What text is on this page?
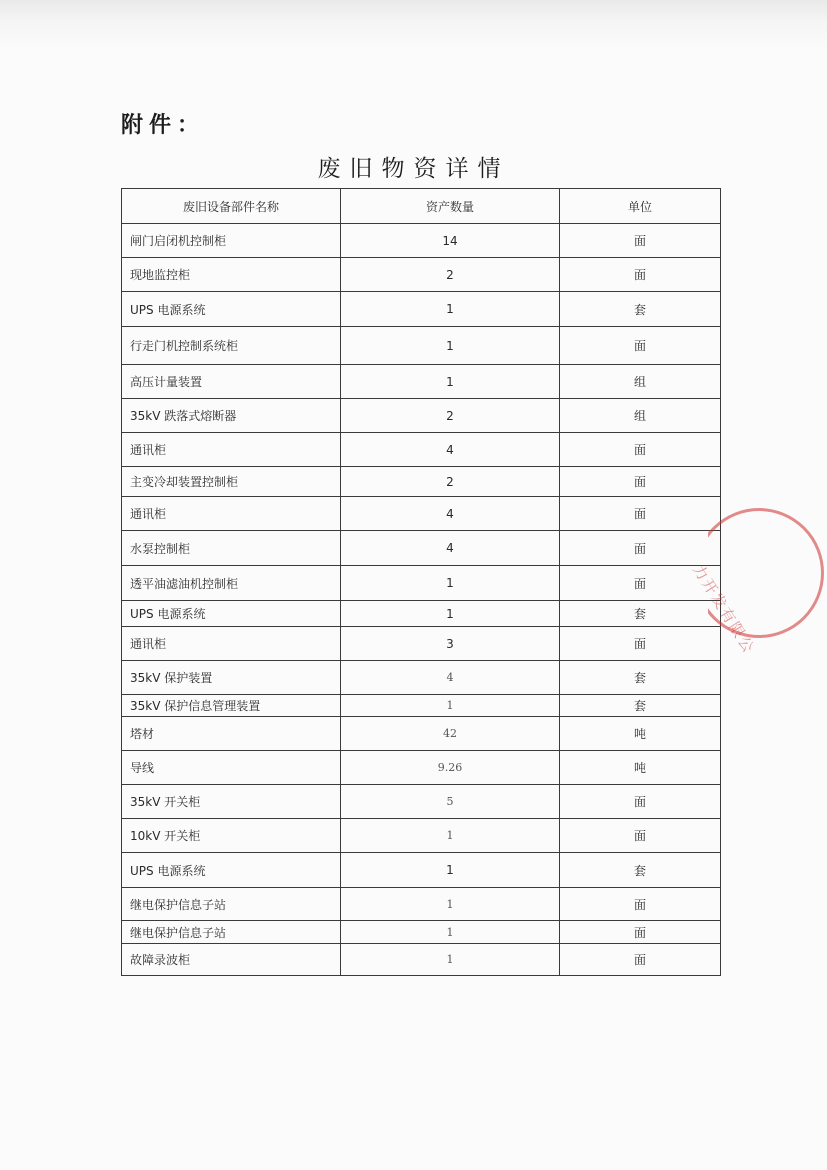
附件：
废旧物资详情
废旧设备部件名称	资产数量	单位
闸门启闭机控制柜	14	面
现地监控柜	2	面
UPS 电源系统	1	套
行走门机控制系统柜	1	面
高压计量装置	1	组
35kV 跌落式熔断器	2	组
通讯柜	4	面
主变冷却装置控制柜	2	面
通讯柜	4	面
水泵控制柜	4	面
透平油滤油机控制柜	1	面
UPS 电源系统	1	套
通讯柜	3	面
35kV 保护装置	4	套
35kV 保护信息管理装置	1	套
塔材	42	吨
导线	9.26	吨
35kV 开关柜	5	面
10kV 开关柜	1	面
UPS 电源系统	1	套
继电保护信息子站	1	面
继电保护信息子站	1	面
故障录波柜	1	面
力开发有限公
